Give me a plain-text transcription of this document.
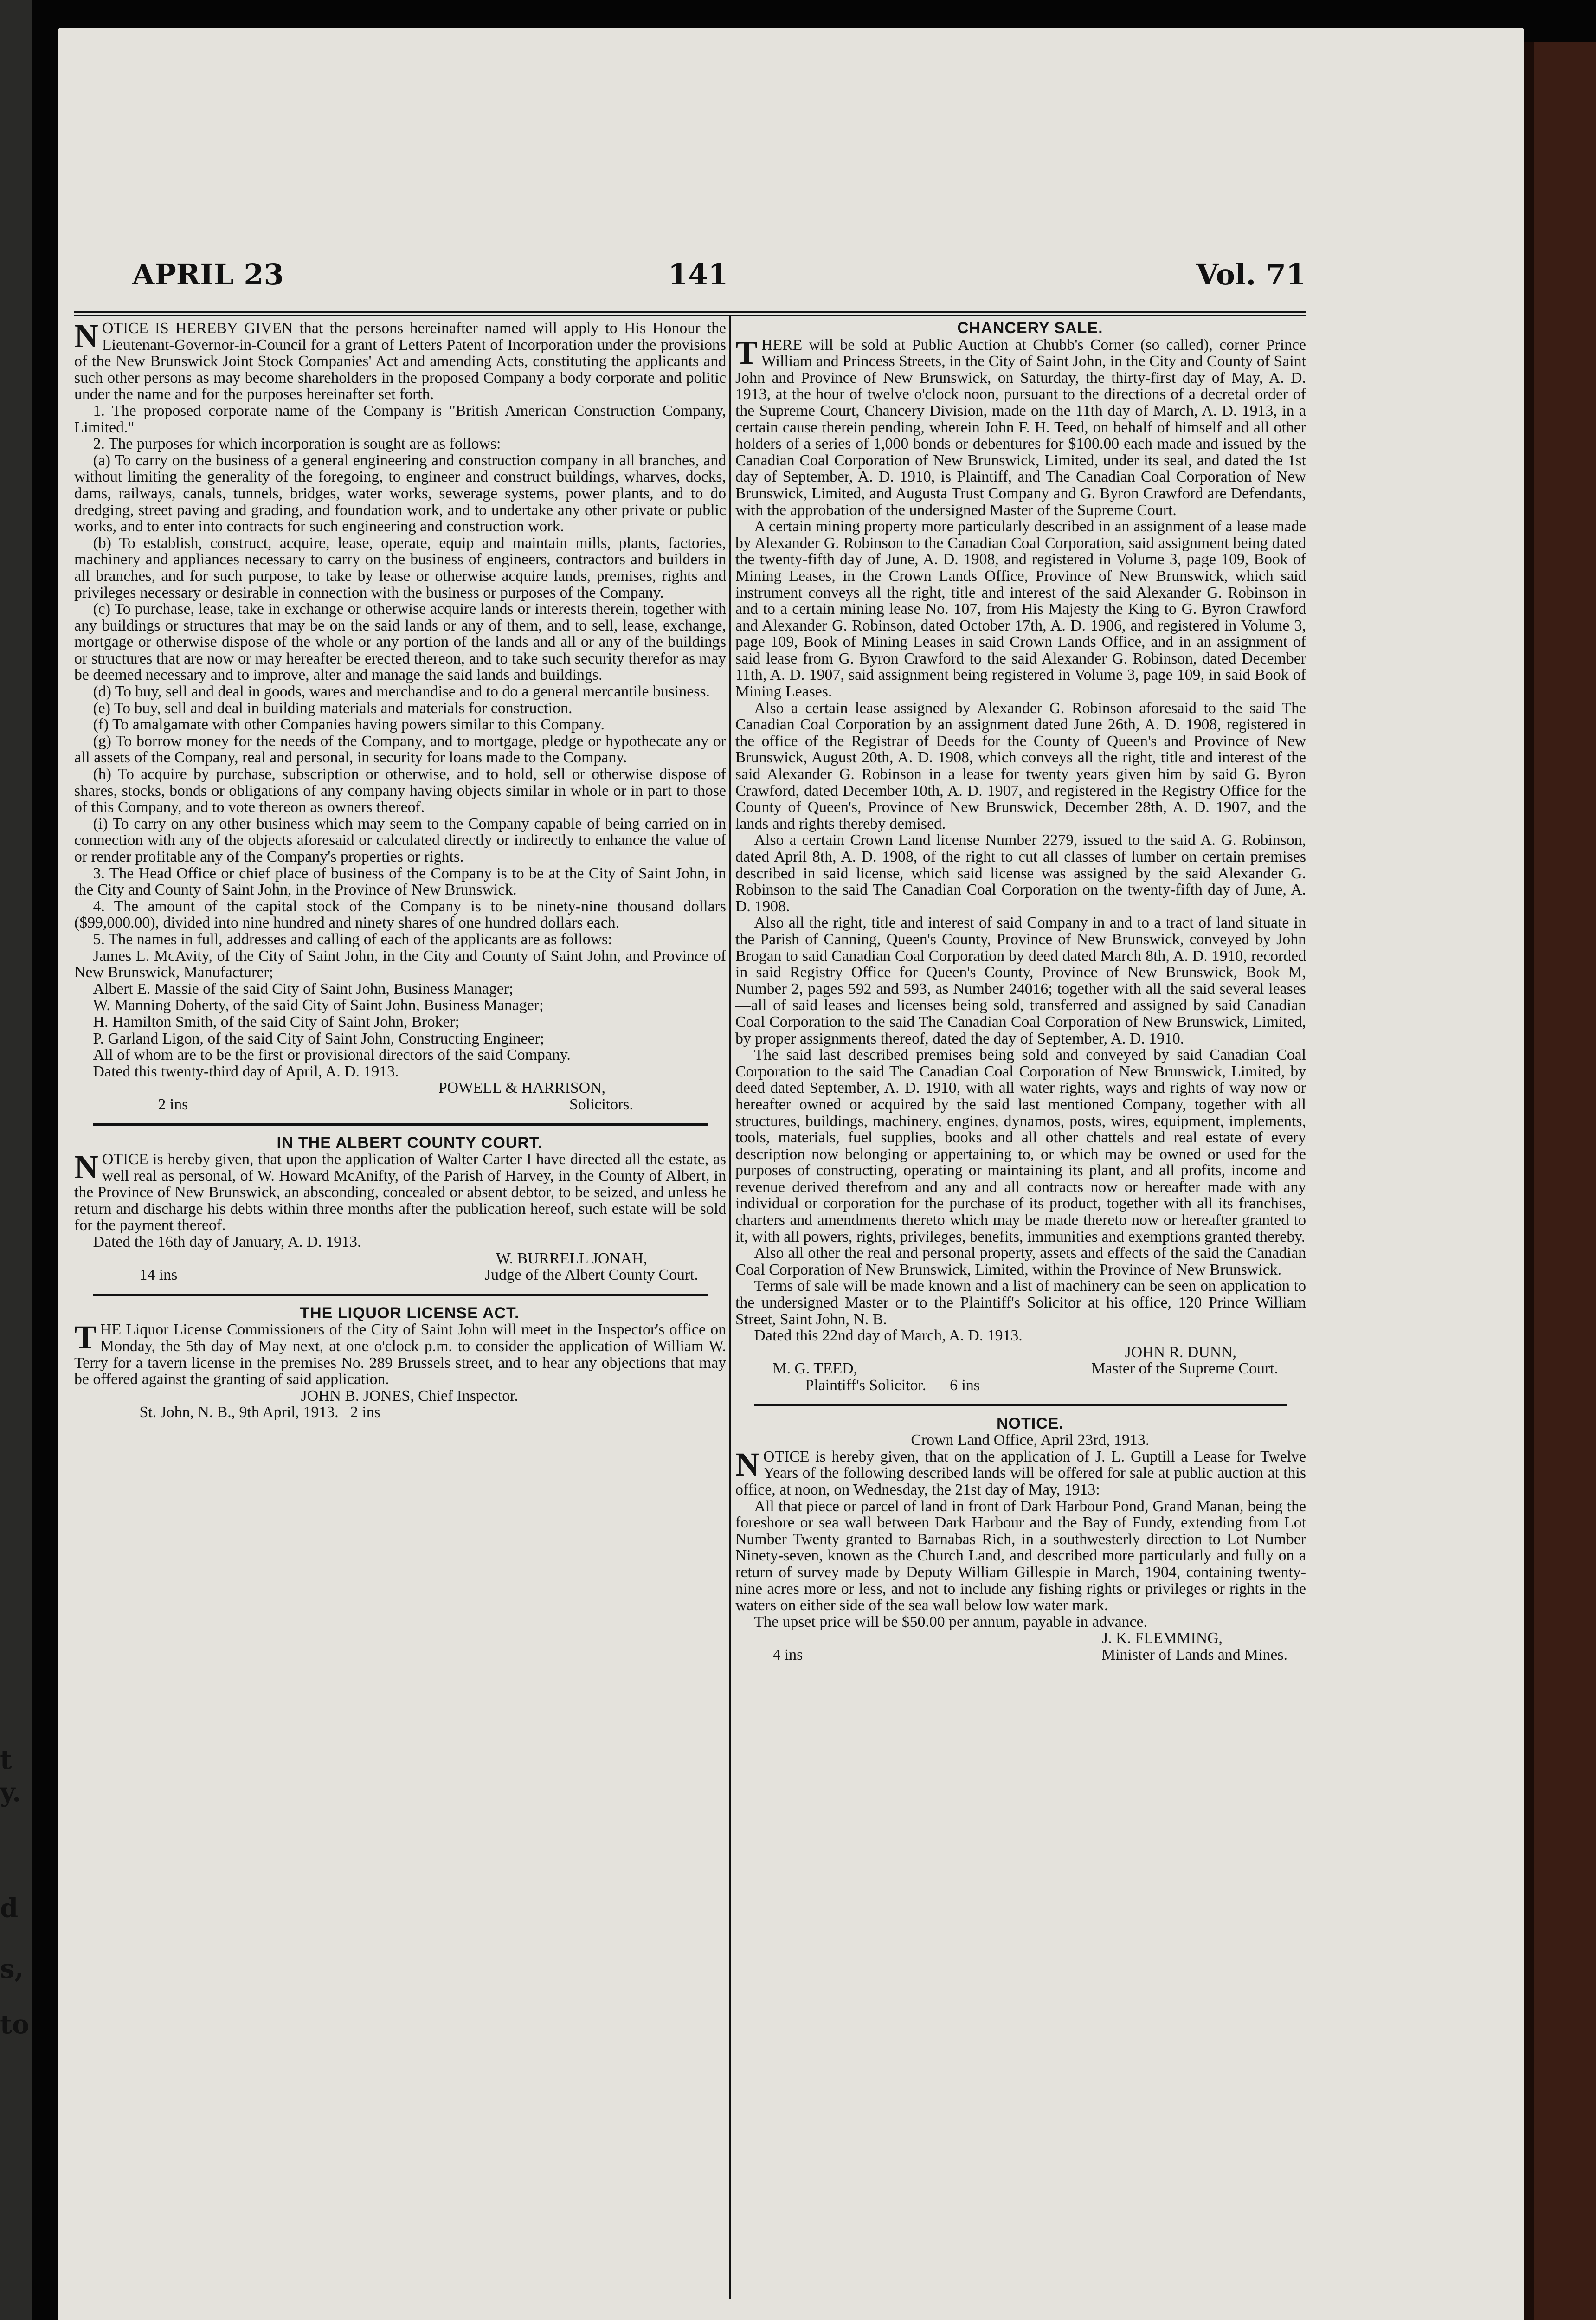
t
y.
d
s,
to
APRIL 23	141	Vol. 71

NOTICE IS HEREBY GIVEN that the persons hereinafter named will apply to His Honour the Lieutenant-Governor-in-Council for a grant of Letters Patent of Incorporation under the provisions of the New Brunswick Joint Stock Companies' Act and amending Acts, constituting the applicants and such other persons as may become shareholders in the proposed Company a body corporate and politic under the name and for the purposes hereinafter set forth.

1. The proposed corporate name of the Company is "British American Construction Company, Limited."

2. The purposes for which incorporation is sought are as follows:

(a) To carry on the business of a general engineering and construction company in all branches, and without limiting the generality of the foregoing, to engineer and construct buildings, wharves, docks, dams, railways, canals, tunnels, bridges, water works, sewerage systems, power plants, and to do dredging, street paving and grading, and foundation work, and to undertake any other private or public works, and to enter into contracts for such engineering and construction work.

(b) To establish, construct, acquire, lease, operate, equip and maintain mills, plants, factories, machinery and appliances necessary to carry on the business of engineers, contractors and builders in all branches, and for such purpose, to take by lease or otherwise acquire lands, premises, rights and privileges necessary or desirable in connection with the business or purposes of the Company.

(c) To purchase, lease, take in exchange or otherwise acquire lands or interests therein, together with any buildings or structures that may be on the said lands or any of them, and to sell, lease, exchange, mortgage or otherwise dispose of the whole or any portion of the lands and all or any of the buildings or structures that are now or may hereafter be erected thereon, and to take such security therefor as may be deemed necessary and to improve, alter and manage the said lands and buildings.

(d) To buy, sell and deal in goods, wares and merchandise and to do a general mercantile business.

(e) To buy, sell and deal in building materials and materials for construction.

(f) To amalgamate with other Companies having powers similar to this Company.

(g) To borrow money for the needs of the Company, and to mortgage, pledge or hypothecate any or all assets of the Company, real and personal, in security for loans made to the Company.

(h) To acquire by purchase, subscription or otherwise, and to hold, sell or otherwise dispose of shares, stocks, bonds or obligations of any company having objects similar in whole or in part to those of this Company, and to vote thereon as owners thereof.

(i) To carry on any other business which may seem to the Company capable of being carried on in connection with any of the objects aforesaid or calculated directly or indirectly to enhance the value of or render profitable any of the Company's properties or rights.

3. The Head Office or chief place of business of the Company is to be at the City of Saint John, in the City and County of Saint John, in the Province of New Brunswick.

4. The amount of the capital stock of the Company is to be ninety-nine thousand dollars ($99,000.00), divided into nine hundred and ninety shares of one hundred dollars each.

5. The names in full, addresses and calling of each of the applicants are as follows:

James L. McAvity, of the City of Saint John, in the City and County of Saint John, and Province of New Brunswick, Manufacturer;

Albert E. Massie of the said City of Saint John, Business Manager;

W. Manning Doherty, of the said City of Saint John, Business Manager;

H. Hamilton Smith, of the said City of Saint John, Broker;

P. Garland Ligon, of the said City of Saint John, Constructing Engineer;

All of whom are to be the first or provisional directors of the said Company.

Dated this twenty-third day of April, A. D. 1913.

POWELL & HARRISON,

2 ins	Solicitors.

IN THE ALBERT COUNTY COURT.

NOTICE is hereby given, that upon the application of Walter Carter I have directed all the estate, as well real as personal, of W. Howard McAnifty, of the Parish of Harvey, in the County of Albert, in the Province of New Brunswick, an absconding, concealed or absent debtor, to be seized, and unless he return and discharge his debts within three months after the publication hereof, such estate will be sold for the payment thereof.

Dated the 16th day of January, A. D. 1913.

W. BURRELL JONAH,

14 ins	Judge of the Albert County Court.

THE LIQUOR LICENSE ACT.

THE Liquor License Commissioners of the City of Saint John will meet in the Inspector's office on Monday, the 5th day of May next, at one o'clock p.m. to consider the application of William W. Terry for a tavern license in the premises No. 289 Brussels street, and to hear any objections that may be offered against the granting of said application.

JOHN B. JONES, Chief Inspector.

St. John, N. B., 9th April, 1913. 2 ins

CHANCERY SALE.

THERE will be sold at Public Auction at Chubb's Corner (so called), corner Prince William and Princess Streets, in the City of Saint John, in the City and County of Saint John and Province of New Brunswick, on Saturday, the thirty-first day of May, A. D. 1913, at the hour of twelve o'clock noon, pursuant to the directions of a decretal order of the Supreme Court, Chancery Division, made on the 11th day of March, A. D. 1913, in a certain cause therein pending, wherein John F. H. Teed, on behalf of himself and all other holders of a series of 1,000 bonds or debentures for $100.00 each made and issued by the Canadian Coal Corporation of New Brunswick, Limited, under its seal, and dated the 1st day of September, A. D. 1910, is Plaintiff, and The Canadian Coal Corporation of New Brunswick, Limited, and Augusta Trust Company and G. Byron Crawford are Defendants, with the approbation of the undersigned Master of the Supreme Court.

A certain mining property more particularly described in an assignment of a lease made by Alexander G. Robinson to the Canadian Coal Corporation, said assignment being dated the twenty-fifth day of June, A. D. 1908, and registered in Volume 3, page 109, Book of Mining Leases, in the Crown Lands Office, Province of New Brunswick, which said instrument conveys all the right, title and interest of the said Alexander G. Robinson in and to a certain mining lease No. 107, from His Majesty the King to G. Byron Crawford and Alexander G. Robinson, dated October 17th, A. D. 1906, and registered in Volume 3, page 109, Book of Mining Leases in said Crown Lands Office, and in an assignment of said lease from G. Byron Crawford to the said Alexander G. Robinson, dated December 11th, A. D. 1907, said assignment being registered in Volume 3, page 109, in said Book of Mining Leases.

Also a certain lease assigned by Alexander G. Robinson aforesaid to the said The Canadian Coal Corporation by an assignment dated June 26th, A. D. 1908, registered in the office of the Registrar of Deeds for the County of Queen's and Province of New Brunswick, August 20th, A. D. 1908, which conveys all the right, title and interest of the said Alexander G. Robinson in a lease for twenty years given him by said G. Byron Crawford, dated December 10th, A. D. 1907, and registered in the Registry Office for the County of Queen's, Province of New Brunswick, December 28th, A. D. 1907, and the lands and rights thereby demised.

Also a certain Crown Land license Number 2279, issued to the said A. G. Robinson, dated April 8th, A. D. 1908, of the right to cut all classes of lumber on certain premises described in said license, which said license was assigned by the said Alexander G. Robinson to the said The Canadian Coal Corporation on the twenty-fifth day of June, A. D. 1908.

Also all the right, title and interest of said Company in and to a tract of land situate in the Parish of Canning, Queen's County, Province of New Brunswick, conveyed by John Brogan to said Canadian Coal Corporation by deed dated March 8th, A. D. 1910, recorded in said Registry Office for Queen's County, Province of New Brunswick, Book M, Number 2, pages 592 and 593, as Number 24016; together with all the said several leases—all of said leases and licenses being sold, transferred and assigned by said Canadian Coal Corporation to the said The Canadian Coal Corporation of New Brunswick, Limited, by proper assignments thereof, dated the day of September, A. D. 1910.

The said last described premises being sold and conveyed by said Canadian Coal Corporation to the said The Canadian Coal Corporation of New Brunswick, Limited, by deed dated September, A. D. 1910, with all water rights, ways and rights of way now or hereafter owned or acquired by the said last mentioned Company, together with all structures, buildings, machinery, engines, dynamos, posts, wires, equipment, implements, tools, materials, fuel supplies, books and all other chattels and real estate of every description now belonging or appertaining to, or which may be owned or used for the purposes of constructing, operating or maintaining its plant, and all profits, income and revenue derived therefrom and any and all contracts now or hereafter made with any individual or corporation for the purchase of its product, together with all its franchises, charters and amendments thereto which may be made thereto now or hereafter granted to it, with all powers, rights, privileges, benefits, immunities and exemptions granted thereby.

Also all other the real and personal property, assets and effects of the said the Canadian Coal Corporation of New Brunswick, Limited, within the Province of New Brunswick.

Terms of sale will be made known and a list of machinery can be seen on application to the undersigned Master or to the Plaintiff's Solicitor at his office, 120 Prince William Street, Saint John, N. B.

Dated this 22nd day of March, A. D. 1913.

JOHN R. DUNN,

M. G. TEED,	Master of the Supreme Court.

Plaintiff's Solicitor. 6 ins

NOTICE.

Crown Land Office, April 23rd, 1913.

NOTICE is hereby given, that on the application of J. L. Guptill a Lease for Twelve Years of the following described lands will be offered for sale at public auction at this office, at noon, on Wednesday, the 21st day of May, 1913:

All that piece or parcel of land in front of Dark Harbour Pond, Grand Manan, being the foreshore or sea wall between Dark Harbour and the Bay of Fundy, extending from Lot Number Twenty granted to Barnabas Rich, in a southwesterly direction to Lot Number Ninety-seven, known as the Church Land, and described more particularly and fully on a return of survey made by Deputy William Gillespie in March, 1904, containing twenty-nine acres more or less, and not to include any fishing rights or privileges or rights in the waters on either side of the sea wall below low water mark.

The upset price will be $50.00 per annum, payable in advance.

J. K. FLEMMING,

4 ins	Minister of Lands and Mines.
